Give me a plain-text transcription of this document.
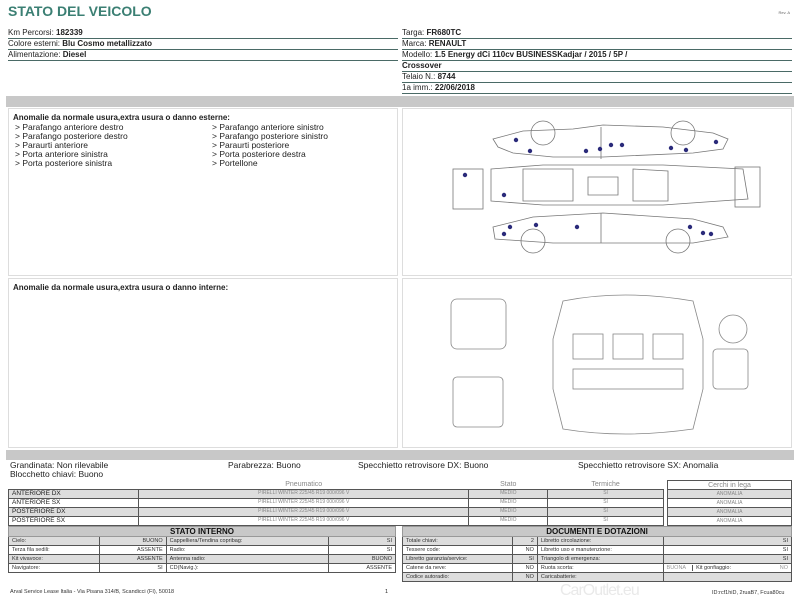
STATO DEL VEICOLO	Rev. A
Anomalie da normale usura,extra usura o danno esterne:
> Parafango anteriore destro
> Parafango posteriore destro
> Paraurti anteriore
> Porta anteriore sinistra
> Porta posteriore sinistra
> Parafango anteriore sinistro
> Parafango posteriore sinistro
> Paraurti posteriore
> Porta posteriore destra
> Portellone
Anomalie da normale usura,extra usura o danno interne:
Grandinata: Non rilevabile
Blocchetto chiavi: Buono
Parabrezza: Buono	Specchietto retrovisore DX: Buono	Specchietto retrovisore SX: Anomalia
	Pneumatico	Stato	Termiche
ANTERIORE DX	PIRELLI WINTER 225/45 R19 000/096 V	MEDIO	SI
ANTERIORE SX	PIRELLI WINTER 225/45 R19 000/096 V	MEDIO	SI
POSTERIORE DX	PIRELLI WINTER 225/45 R19 000/096 V	MEDIO	SI
POSTERIORE SX	PIRELLI WINTER 225/45 R19 000/096 V	MEDIO	SI
Cerchi in lega
ANOMALIA
ANOMALIA
ANOMALIA
ANOMALIA
STATO INTERNO			
Cielo:	BUONO	Cappelliera/Tendina copribag:	SI
Terza fila sedili:	ASSENTE	Radio:	SI
Kit vivavoce:	ASSENTE	Antenna radio:	BUONO
Navigatore:	SI	CD(Navig.):	ASSENTE
DOCUMENTI E DOTAZIONI			
Totale chiavi:	2	Libretto circolazione:	SI
Tessere code:	NO	Libretto uso e manutenzione:	SI
Libretto garanzia/service:	SI	Triangolo di emergenza:	SI
Catene da neve:	NO	Ruota scorta:	BUONA Kit gonfiaggio: NO

Codice autoradio:	NO	Caricabatterie:	
CarOutlet.eu
Arval Service Lease Italia - Via Pisana 314/B, Scandicci (FI), 50018	1	ID:rcf1hiD, 2ruaB7, Fcua80cu
Km Percorsi: 182339
Colore esterni: Blu Cosmo metallizzato
Alimentazione: Diesel
Targa: FR680TC
Marca: RENAULT
Modello: 1.5 Energy dCi 110cv BUSINESSKadjar / 2015 / 5P /
Crossover
Telaio N.: 8744
1a imm.: 22/06/2018
